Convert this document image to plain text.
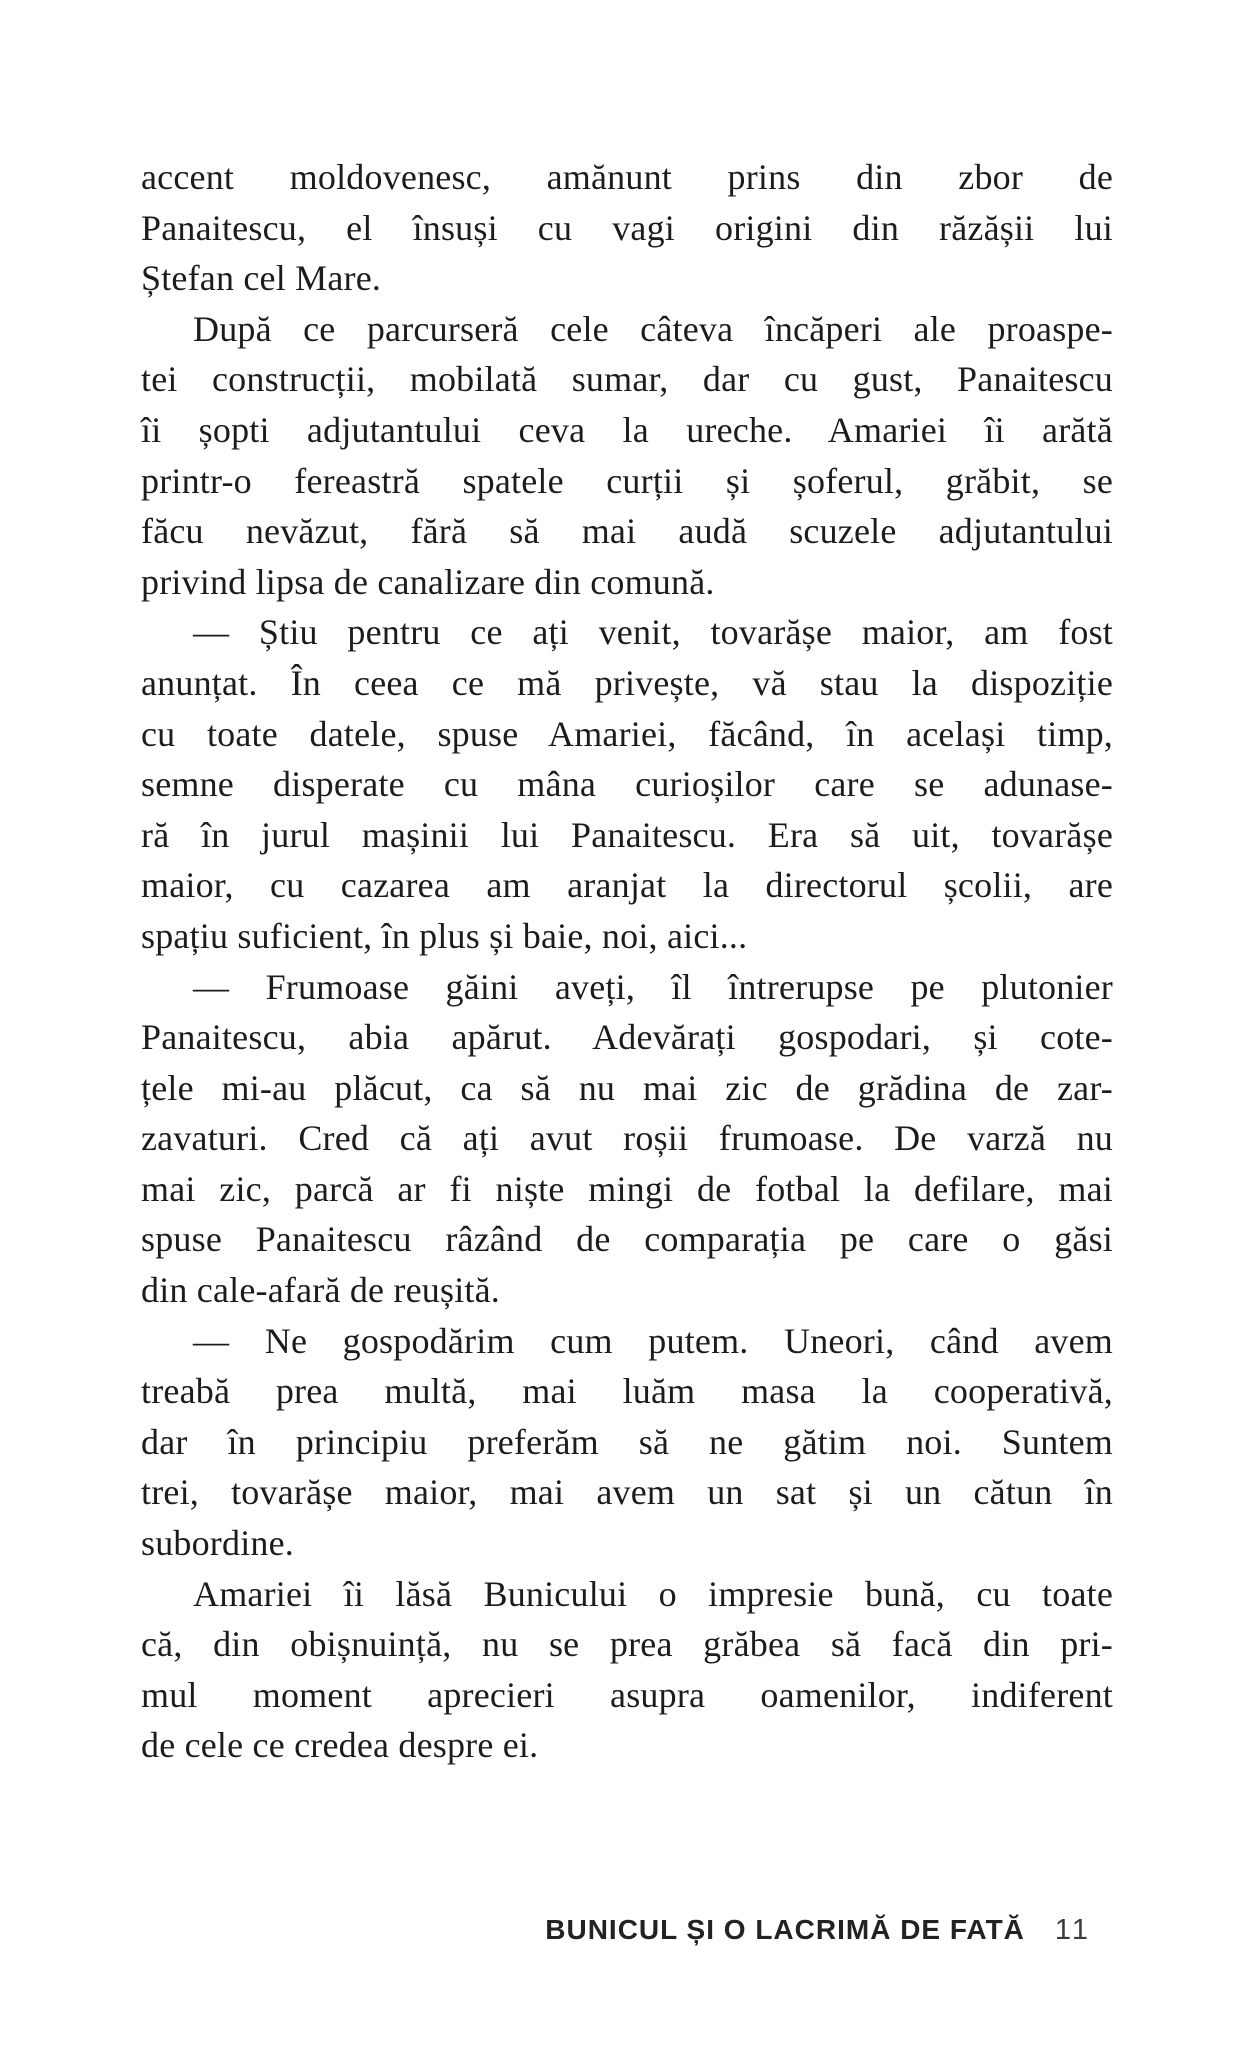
accent moldovenesc, amănunt prins din zbor de
Panaitescu, el însuși cu vagi origini din răzășii lui
Ștefan cel Mare.
După ce parcurseră cele câteva încăperi ale proaspe-
tei construcții, mobilată sumar, dar cu gust, Panaitescu
îi șopti adjutantului ceva la ureche. Amariei îi arătă
printr-o fereastră spatele curții și șoferul, grăbit, se
făcu nevăzut, fără să mai audă scuzele adjutantului
privind lipsa de canalizare din comună.
— Știu pentru ce ați venit, tovarășe maior, am fost
anunțat. În ceea ce mă privește, vă stau la dispoziție
cu toate datele, spuse Amariei, făcând, în același timp,
semne disperate cu mâna curioșilor care se adunase-
ră în jurul mașinii lui Panaitescu. Era să uit, tovarășe
maior, cu cazarea am aranjat la directorul școlii, are
spațiu suficient, în plus și baie, noi, aici...
— Frumoase găini aveți, îl întrerupse pe plutonier
Panaitescu, abia apărut. Adevărați gospodari, și cote-
țele mi-au plăcut, ca să nu mai zic de grădina de zar-
zavaturi. Cred că ați avut roșii frumoase. De varză nu
mai zic, parcă ar fi niște mingi de fotbal la defilare, mai
spuse Panaitescu râzând de comparația pe care o găsi
din cale-afară de reușită.
— Ne gospodărim cum putem. Uneori, când avem
treabă prea multă, mai luăm masa la cooperativă,
dar în principiu preferăm să ne gătim noi. Suntem
trei, tovarășe maior, mai avem un sat și un cătun în
subordine.
Amariei îi lăsă Bunicului o impresie bună, cu toate
că, din obișnuință, nu se prea grăbea să facă din pri-
mul moment aprecieri asupra oamenilor, indiferent
de cele ce credea despre ei.
BUNICUL ȘI O LACRIMĂ DE FATĂ 11
